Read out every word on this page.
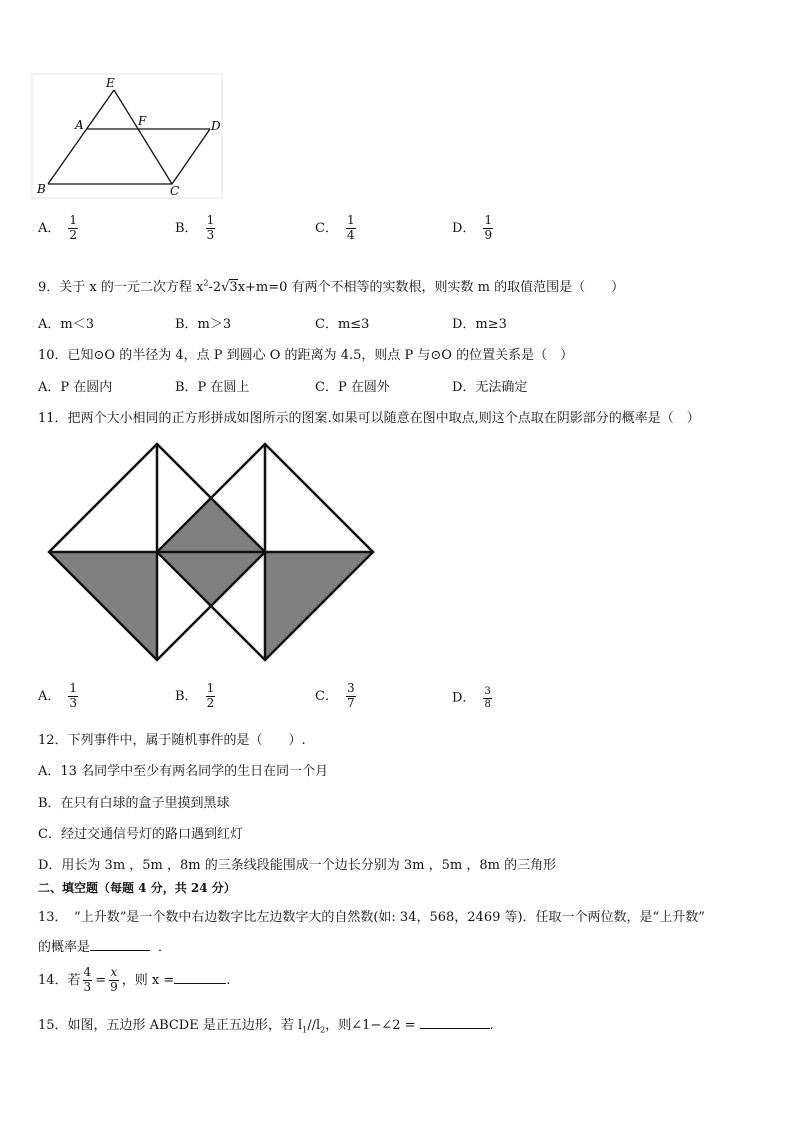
E
A	F	D
B	C
A． $\frac{1}{2}$	B． $\frac{1}{3}$	C． $\frac{1}{4}$	D． $\frac{1}{9}$
9．关于 x 的一元二次方程 $x^2-2√3x+m=0$ 有两个不相等的实数根，则实数 m 的取值范围是（　　）
A．m＜3	B．m＞3	C．m≤3	D．m≥3
10．已知⊙O 的半径为 4，点 P 到圆心 O 的距离为 4.5，则点 P 与⊙O 的位置关系是（　）
A．P 在圆内	B．P 在圆上	C．P 在圆外	D．无法确定
11．把两个大小相同的正方形拼成如图所示的图案.如果可以随意在图中取点,则这个点取在阴影部分的概率是（　）
A． $\frac{1}{3}$	B． $\frac{1}{2}$	C． $\frac{3}{7}$	D． $\frac{3}{8}$
12．下列事件中，属于随机事件的是（　　）.
A．13 名同学中至少有两名同学的生日在同一个月
B．在只有白球的盒子里摸到黑球
C．经过交通信号灯的路口遇到红灯
D．用长为 3m ，5m ，8m 的三条线段能围成一个边长分别为 3m ，5m ，8m 的三角形
二、填空题（每题 4 分，共 24 分）
13．　“上升数”是一个数中右边数字比左边数字大的自然数(如: 34，568，2469 等)．任取一个两位数，是“上升数”
的概率是	．
14．若 $\frac{4}{3} = \frac{x}{9}$ ，则 x =	.
15．如图，五边形 ABCDE 是正五边形，若 $l_1//l_2$，则∠1−∠2 =	.
